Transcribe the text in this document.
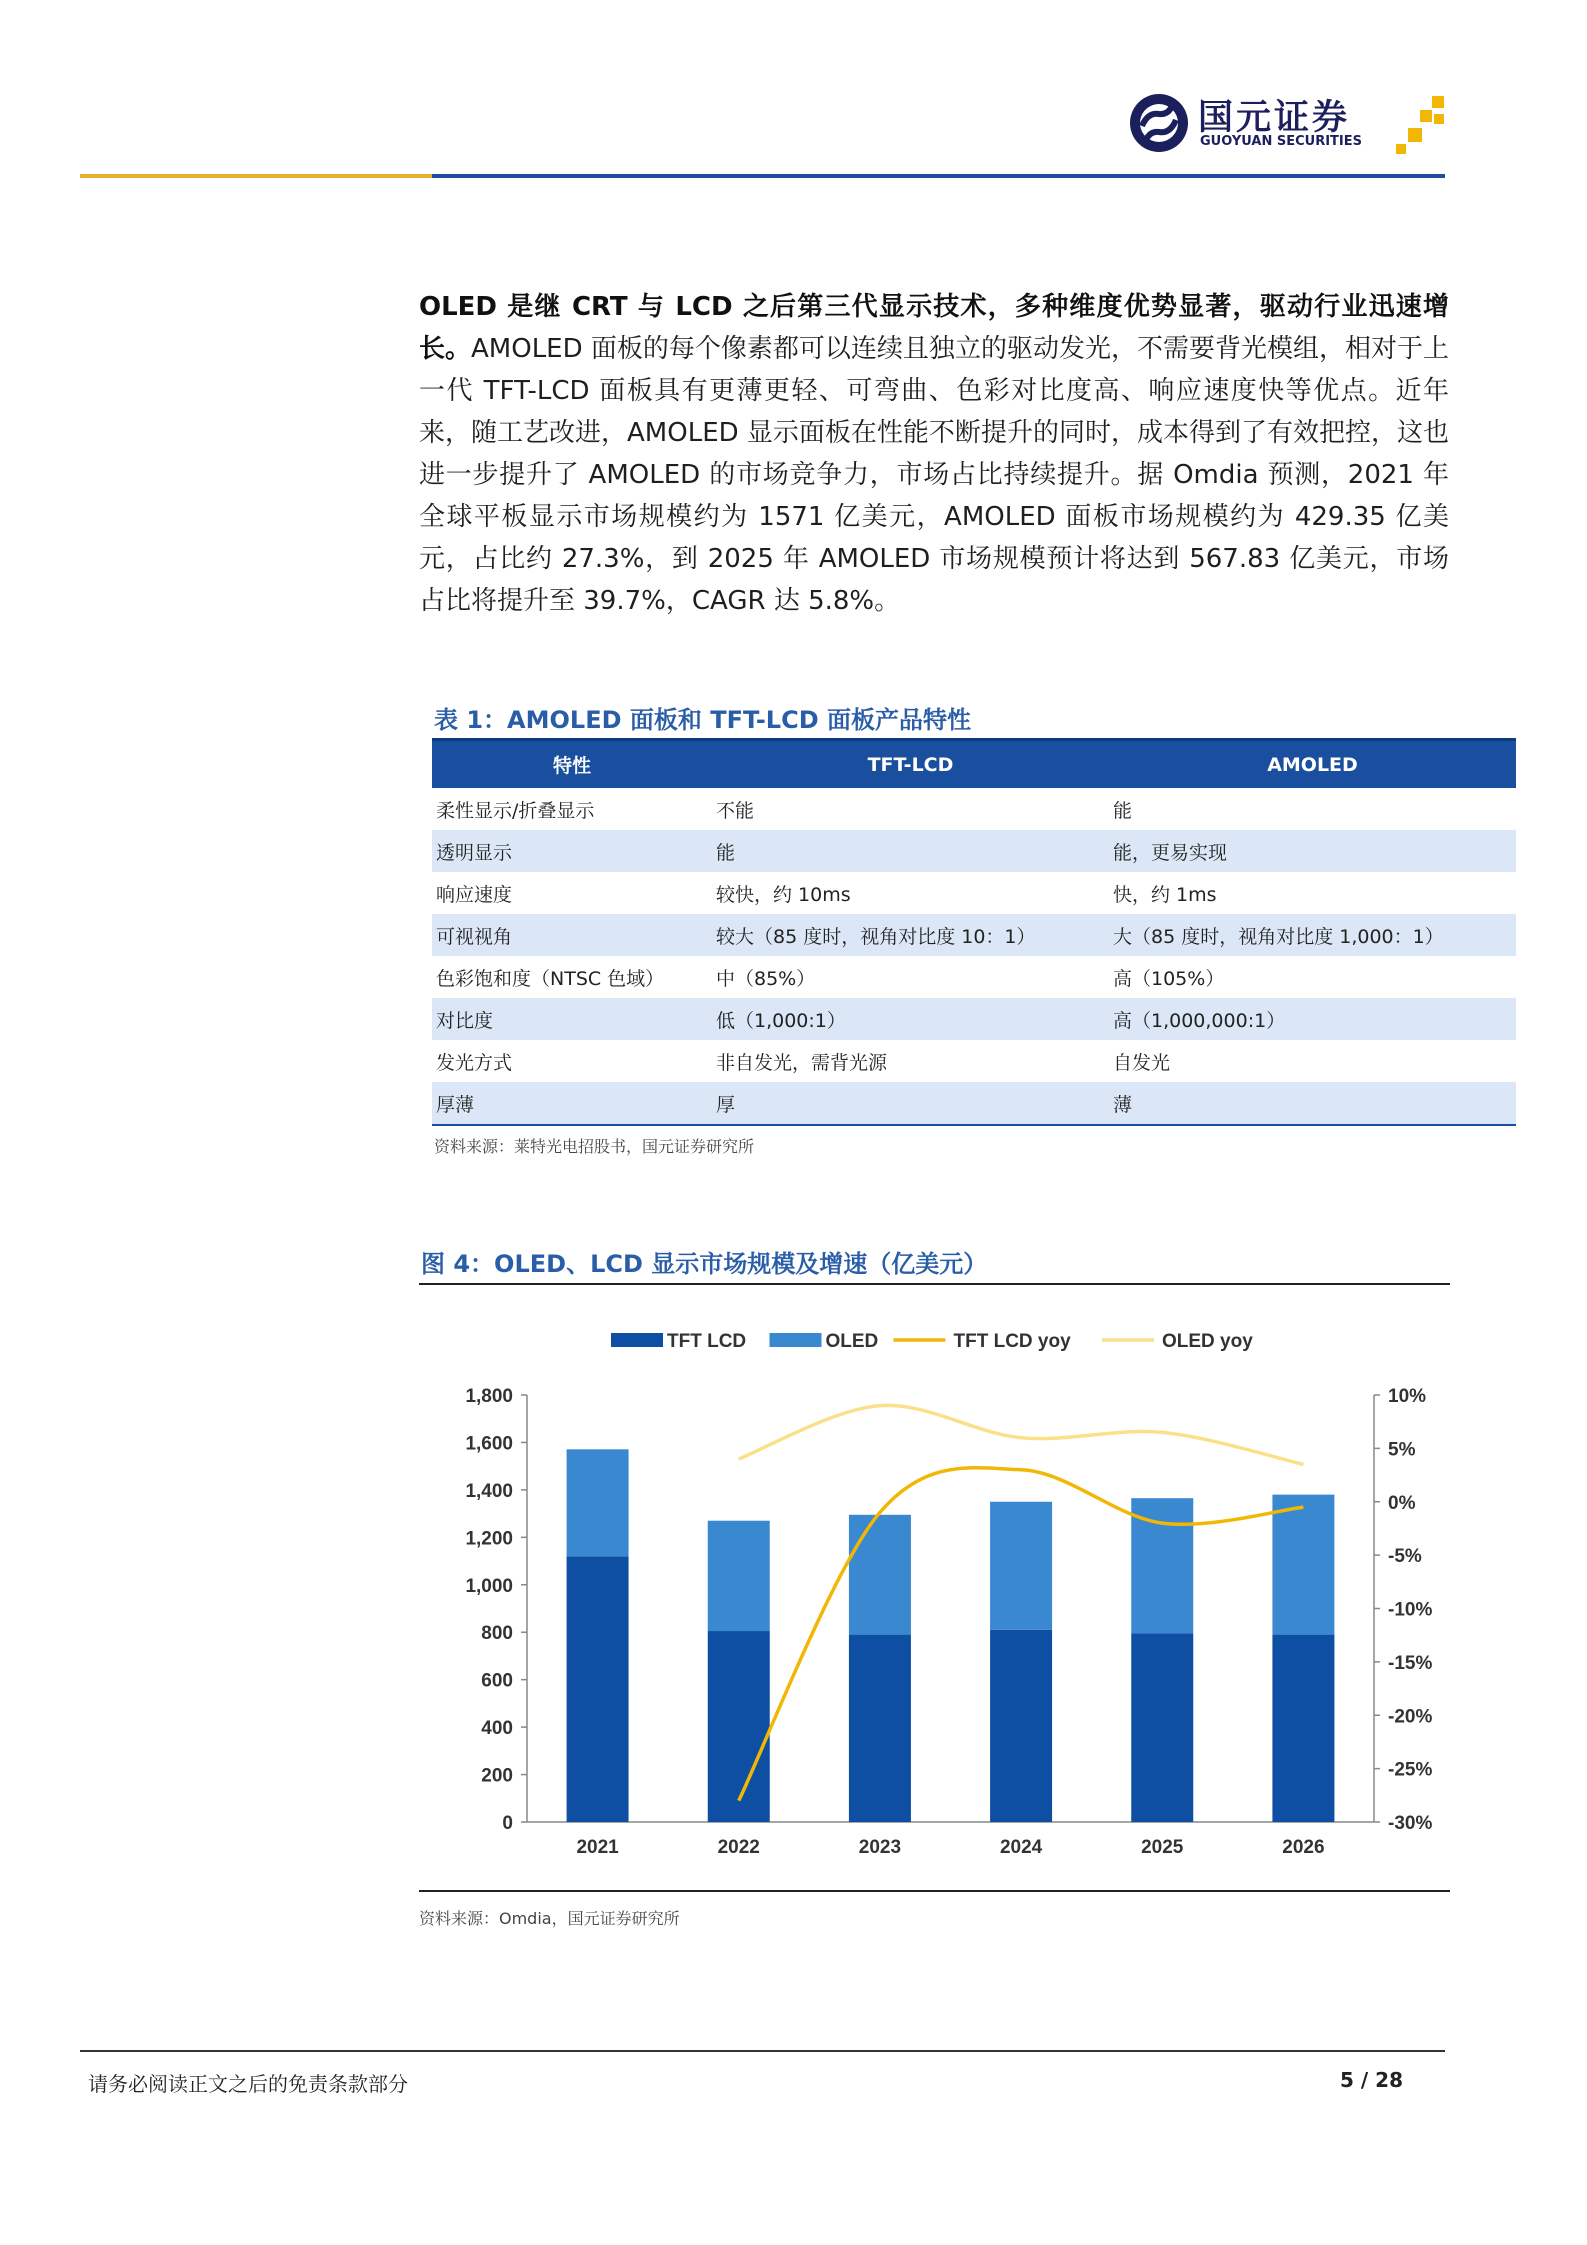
国元证券
GUOYUAN SECURITIES
OLED 是继 CRT 与 LCD 之后第三代显示技术，多种维度优势显著，驱动行业迅速增长。AMOLED 面板的每个像素都可以连续且独立的驱动发光，不需要背光模组，相对于上一代 TFT-LCD 面板具有更薄更轻、可弯曲、色彩对比度高、响应速度快等优点。近年来，随工艺改进，AMOLED 显示面板在性能不断提升的同时，成本得到了有效把控，这也进一步提升了 AMOLED 的市场竞争力，市场占比持续提升。据 Omdia 预测，2021 年全球平板显示市场规模约为 1571 亿美元，AMOLED 面板市场规模约为 429.35 亿美元，占比约 27.3%，到 2025 年 AMOLED 市场规模预计将达到 567.83 亿美元，市场占比将提升至 39.7%，CAGR 达 5.8%。
表 1：AMOLED 面板和 TFT-LCD 面板产品特性
特性	TFT-LCD	AMOLED
柔性显示/折叠显示	不能	能
透明显示	能	能，更易实现
响应速度	较快，约 10ms	快，约 1ms
可视视角	较大（85 度时，视角对比度 10：1）	大（85 度时，视角对比度 1,000：1）
色彩饱和度（NTSC 色域）	中（85%）	高（105%）
对比度	低（1,000:1）	高（1,000,000:1）
发光方式	非自发光，需背光源	自发光
厚薄	厚	薄
资料来源：莱特光电招股书，国元证券研究所
图 4：OLED、LCD 显示市场规模及增速（亿美元）
0
200
400
600
800
1,000
1,200
1,400
1,600
1,800
-30%
-25%
-20%
-15%
-10%
-5%
0%
5%
10%
2021	2022	2023	2024	2025	2026
TFT LCD	OLED	TFT LCD yoy	OLED yoy
资料来源：Omdia，国元证券研究所
请务必阅读正文之后的免责条款部分	5 / 28
